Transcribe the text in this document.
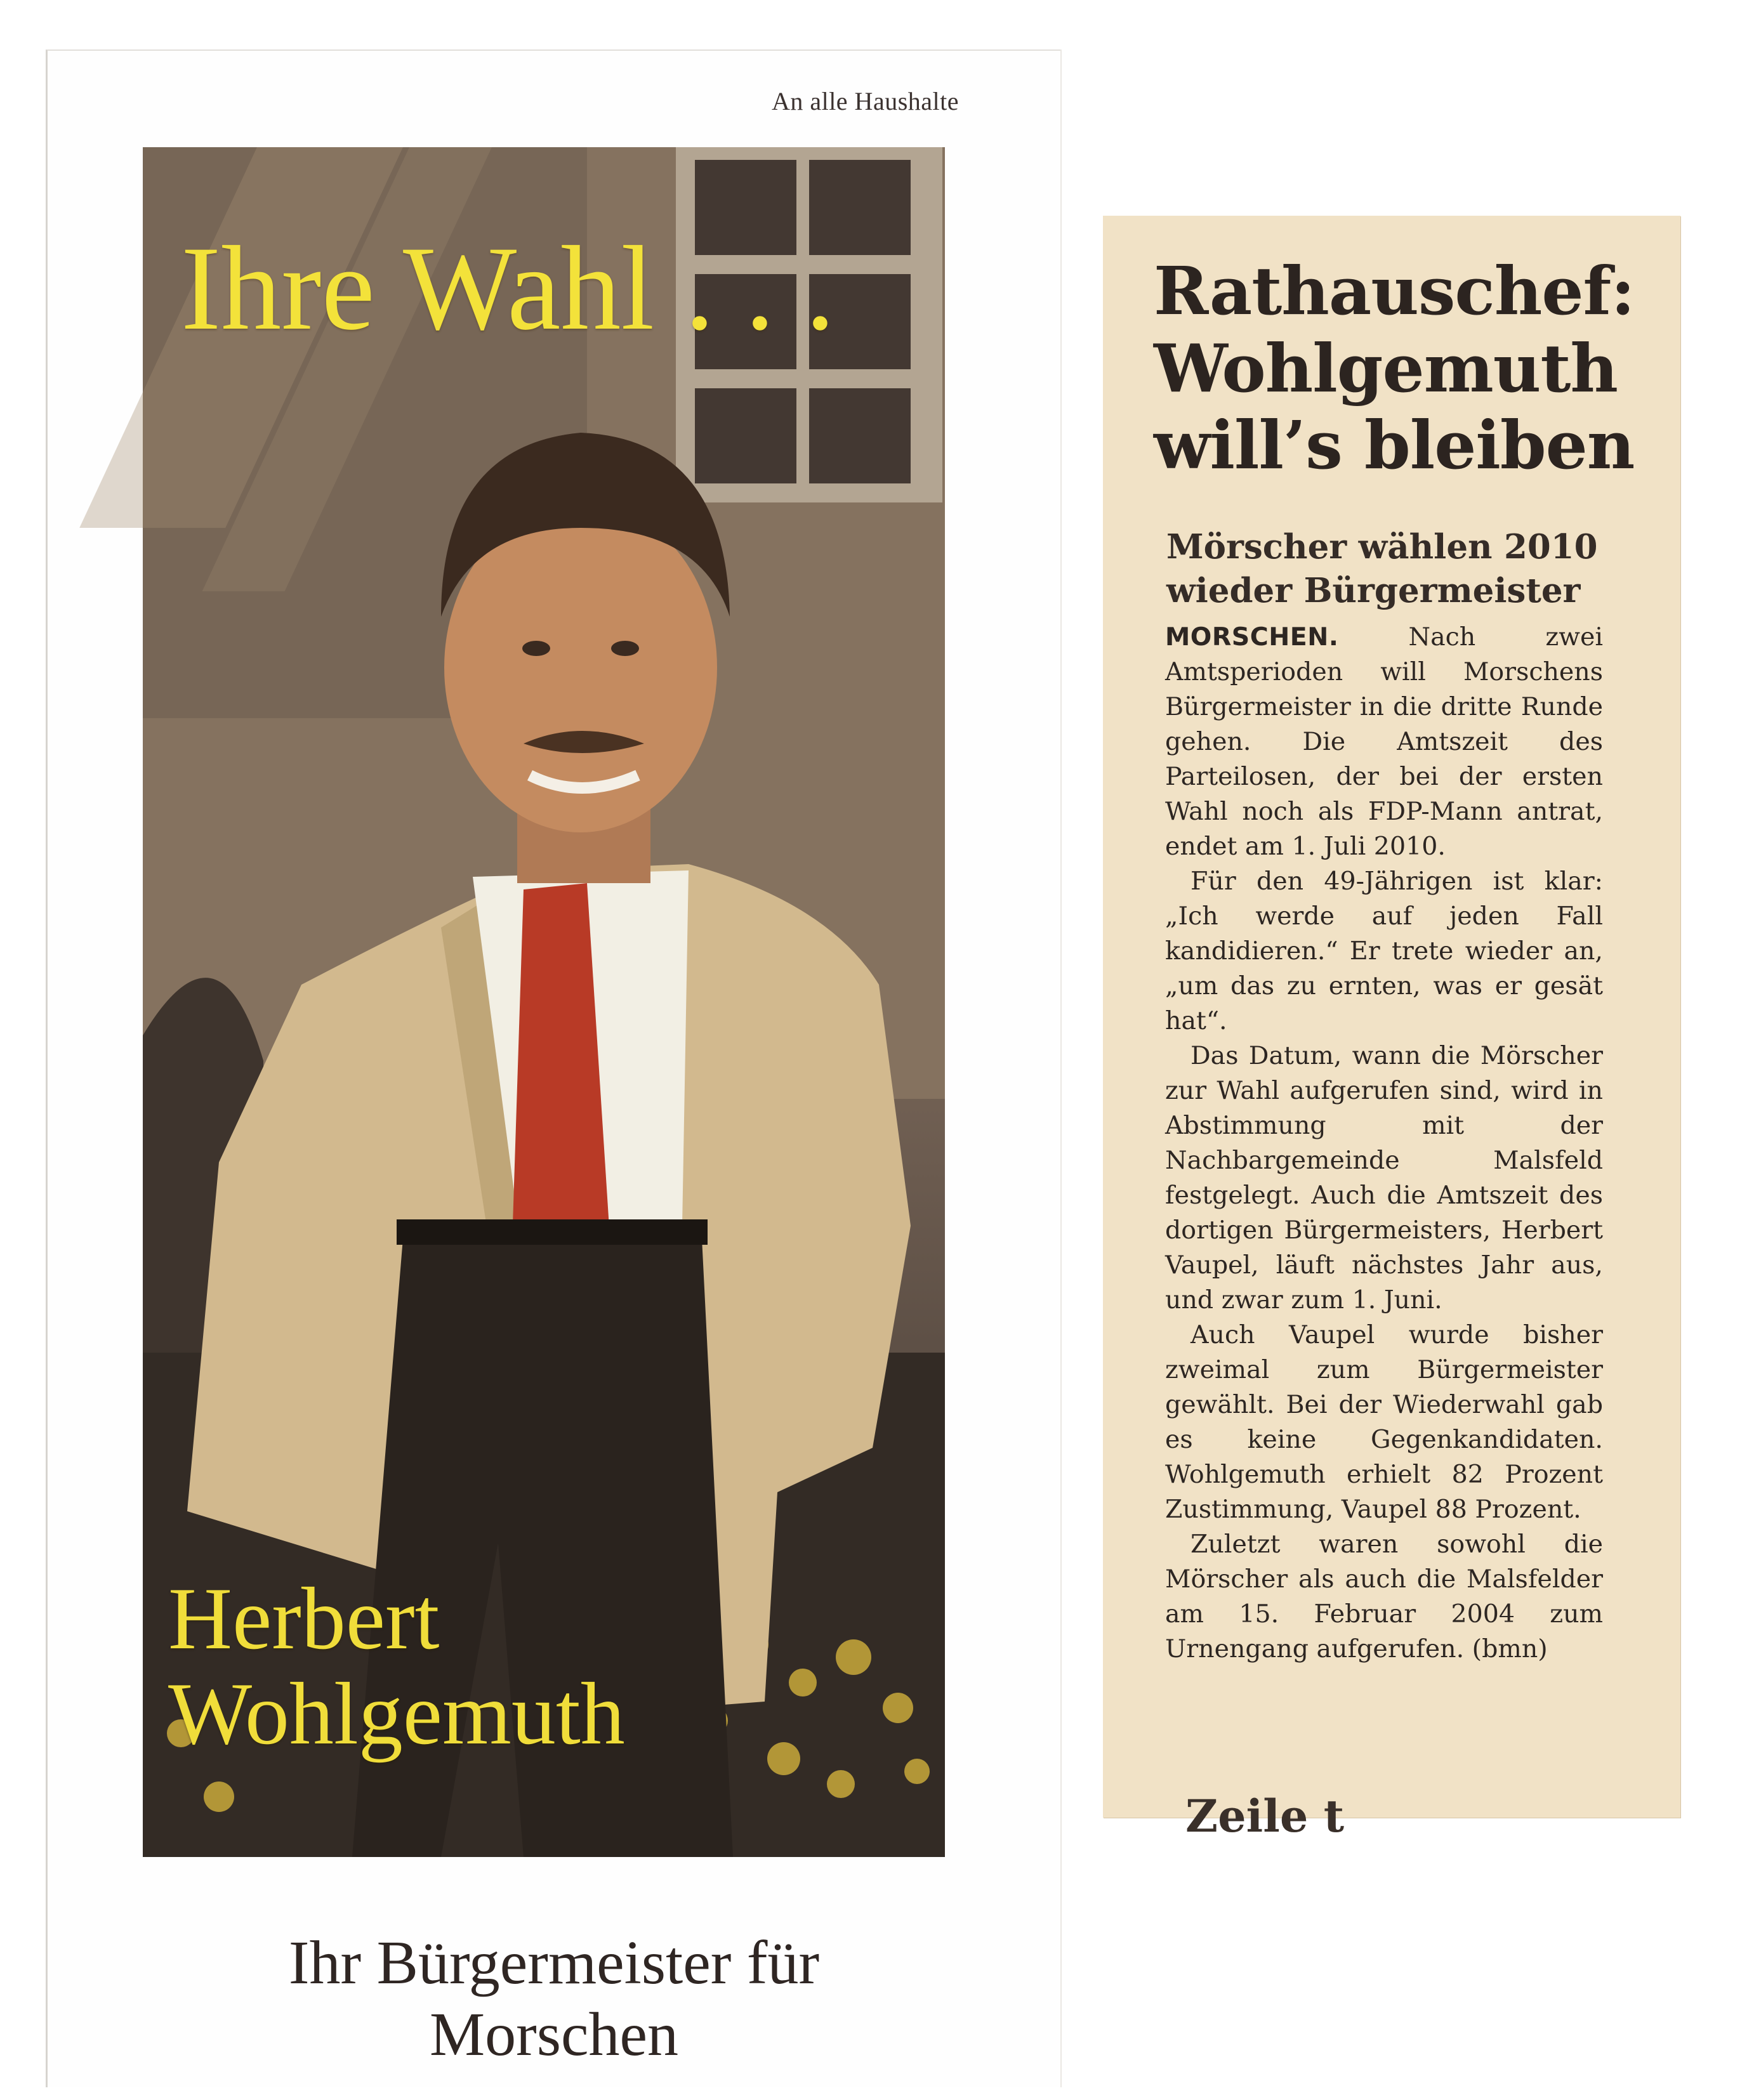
An alle Haushalte
Ihre Wahl . . .
Herbert
Wohlgemuth
Ihr Bürgermeister für
Morschen
Rathauschef:
Wohlgemuth
will’s bleiben
Mörscher wählen 2010
wieder Bürgermeister

MORSCHEN. Nach zwei Amtsperioden will Morschens Bürgermeister in die dritte Runde gehen. Die Amtszeit des Parteilosen, der bei der ersten Wahl noch als FDP-Mann antrat, endet am 1. Juli 2010.

Für den 49-Jährigen ist klar: „Ich werde auf jeden Fall kandidieren.“ Er trete wieder an, „um das zu ernten, was er gesät hat“.

Das Datum, wann die Mörscher zur Wahl aufgerufen sind, wird in Abstimmung mit der Nachbargemeinde Malsfeld festgelegt. Auch die Amtszeit des dortigen Bürgermeisters, Herbert Vaupel, läuft nächstes Jahr aus, und zwar zum 1. Juni.

Auch Vaupel wurde bisher zweimal zum Bürgermeister gewählt. Bei der Wiederwahl gab es keine Gegenkandidaten. Wohlgemuth erhielt 82 Prozent Zustimmung, Vaupel 88 Prozent.

Zuletzt waren sowohl die Mörscher als auch die Malsfelder am 15. Februar 2004 zum Urnengang aufgerufen. (bmn)

Zeile t
